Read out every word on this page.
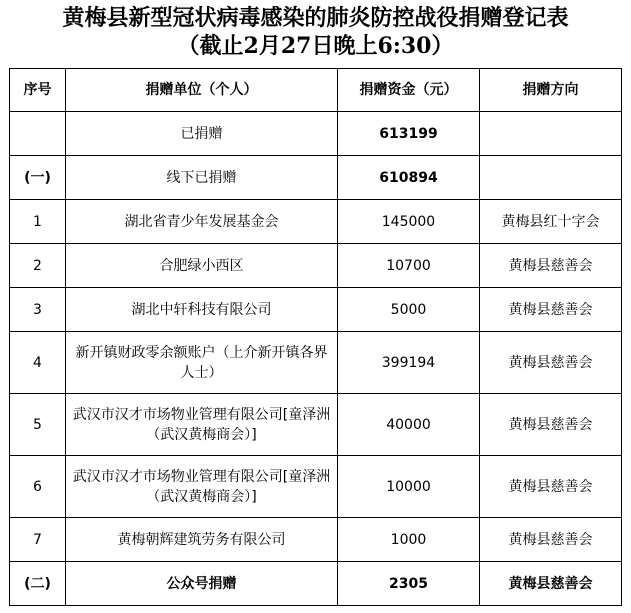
黄梅县新型冠状病毒感染的肺炎防控战役捐赠登记表
（截止2月27日晚上6:30）
序号	捐赠单位（个人）	捐赠资金（元）	捐赠方向
	已捐赠	613199	
(一)	线下已捐赠	610894	
1	湖北省青少年发展基金会	145000	黄梅县红十字会
2	合肥绿小西区	10700	黄梅县慈善会
3	湖北中轩科技有限公司	5000	黄梅县慈善会
4	新开镇财政零余额账户（上介新开镇各界人士）	399194	黄梅县慈善会
5	武汉市汉才市场物业管理有限公司[童泽洲（武汉黄梅商会）]	40000	黄梅县慈善会
6	武汉市汉才市场物业管理有限公司[童泽洲（武汉黄梅商会）]	10000	黄梅县慈善会
7	黄梅朝辉建筑劳务有限公司	1000	黄梅县慈善会
(二)	公众号捐赠	2305	黄梅县慈善会
